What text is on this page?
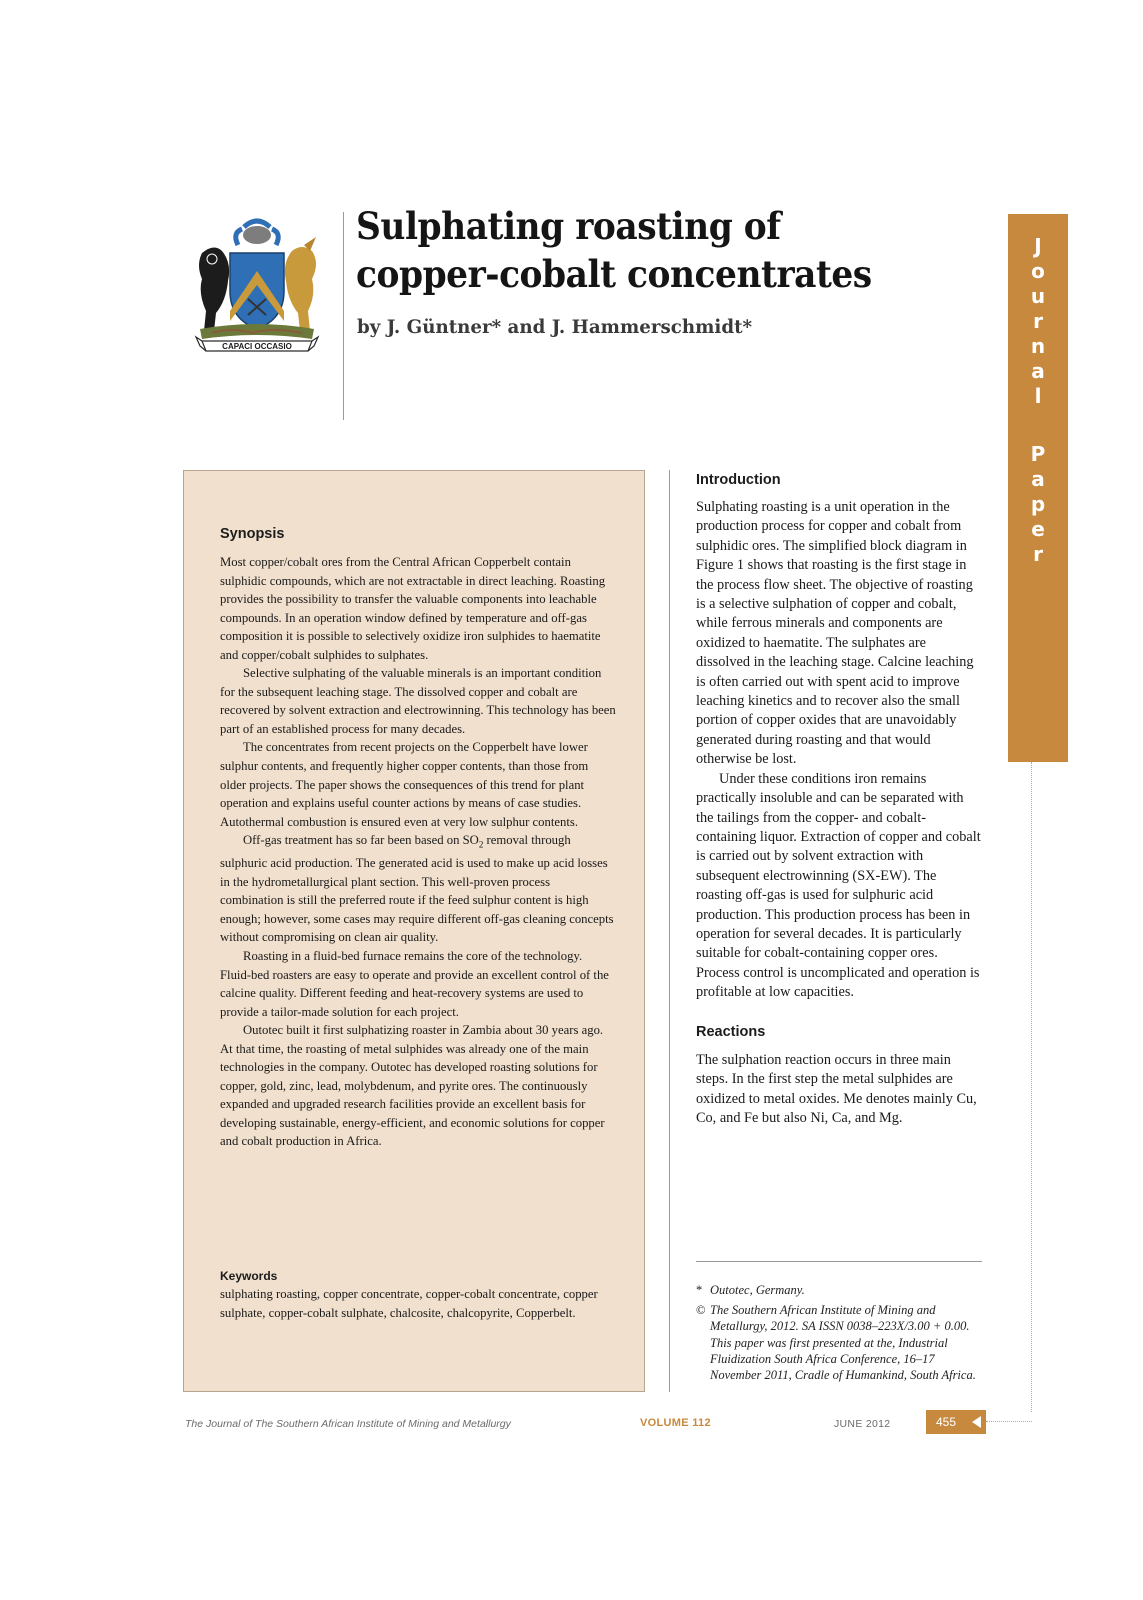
CAPACI OCCASIO
Sulphating roasting of copper-cobalt concentrates
by J. Güntner* and J. Hammerschmidt*
J
o
u
r
n
a
l
P
a
p
e
r
Synopsis

Most copper/cobalt ores from the Central African Copperbelt contain sulphidic compounds, which are not extractable in direct leaching. Roasting provides the possibility to transfer the valuable components into leachable compounds. In an operation window defined by temperature and off-gas composition it is possible to selectively oxidize iron sulphides to haematite and copper/cobalt sulphides to sulphates.

Selective sulphating of the valuable minerals is an important condition for the subsequent leaching stage. The dissolved copper and cobalt are recovered by solvent extraction and electrowinning. This technology has been part of an established process for many decades.

The concentrates from recent projects on the Copperbelt have lower sulphur contents, and frequently higher copper contents, than those from older projects. The paper shows the consequences of this trend for plant operation and explains useful counter actions by means of case studies. Autothermal combustion is ensured even at very low sulphur contents.

Off-gas treatment has so far been based on $SO_2$ removal through sulphuric acid production. The generated acid is used to make up acid losses in the hydrometallurgical plant section. This well-proven process combination is still the preferred route if the feed sulphur content is high enough; however, some cases may require different off-gas cleaning concepts without compromising on clean air quality.

Roasting in a fluid-bed furnace remains the core of the technology. Fluid-bed roasters are easy to operate and provide an excellent control of the calcine quality. Different feeding and heat-recovery systems are used to provide a tailor-made solution for each project.

Outotec built it first sulphatizing roaster in Zambia about 30 years ago. At that time, the roasting of metal sulphides was already one of the main technologies in the company. Outotec has developed roasting solutions for copper, gold, zinc, lead, molybdenum, and pyrite ores. The continuously expanded and upgraded research facilities provide an excellent basis for developing sustainable, energy-efficient, and economic solutions for copper and cobalt production in Africa.

Keywords
sulphating roasting, copper concentrate, copper-cobalt concentrate, copper sulphate, copper-cobalt sulphate, chalcosite, chalcopyrite, Copperbelt.
Introduction

Sulphating roasting is a unit operation in the production process for copper and cobalt from sulphidic ores. The simplified block diagram in Figure 1 shows that roasting is the first stage in the process flow sheet. The objective of roasting is a selective sulphation of copper and cobalt, while ferrous minerals and components are oxidized to haematite. The sulphates are dissolved in the leaching stage. Calcine leaching is often carried out with spent acid to improve leaching kinetics and to recover also the small portion of copper oxides that are unavoidably generated during roasting and that would otherwise be lost.

Under these conditions iron remains practically insoluble and can be separated with the tailings from the copper- and cobalt-containing liquor. Extraction of copper and cobalt is carried out by solvent extraction with subsequent electrowinning (SX-EW). The roasting off-gas is used for sulphuric acid production. This production process has been in operation for several decades. It is particularly suitable for cobalt-containing copper ores. Process control is uncomplicated and operation is profitable at low capacities.

Reactions

The sulphation reaction occurs in three main steps. In the first step the metal sulphides are oxidized to metal oxides. Me denotes mainly Cu, Co, and Fe but also Ni, Ca, and Mg.

* Outotec, Germany.
© The Southern African Institute of Mining and Metallurgy, 2012. SA ISSN 0038–223X/3.00 + 0.00. This paper was first presented at the, Industrial Fluidization South Africa Conference, 16–17 November 2011, Cradle of Humankind, South Africa.
The Journal of The Southern African Institute of Mining and Metallurgy	VOLUME 112	JUNE 2012	455
